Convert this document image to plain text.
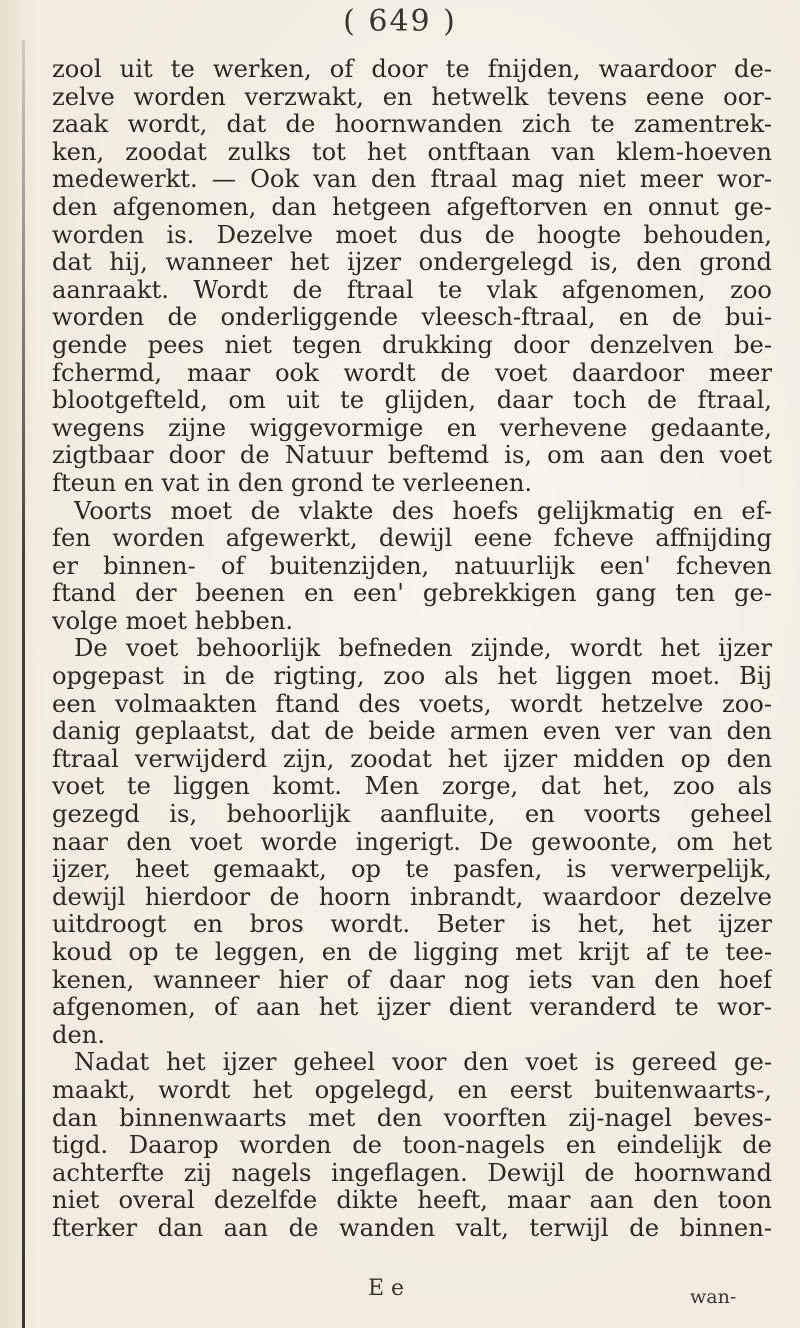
( 649 )
zool uit te werken, of door te fnijden, waardoor de-
zelve worden verzwakt, en hetwelk tevens eene oor-
zaak wordt, dat de hoornwanden zich te zamentrek-
ken, zoodat zulks tot het ontftaan van klem-hoeven
medewerkt. — Ook van den ftraal mag niet meer wor-
den afgenomen, dan hetgeen afgeftorven en onnut ge-
worden is. Dezelve moet dus de hoogte behouden,
dat hij, wanneer het ijzer ondergelegd is, den grond
aanraakt. Wordt de ftraal te vlak afgenomen, zoo
worden de onderliggende vleesch-ftraal, en de bui-
gende pees niet tegen drukking door denzelven be-
fchermd, maar ook wordt de voet daardoor meer
blootgefteld, om uit te glijden, daar toch de ftraal,
wegens zijne wiggevormige en verhevene gedaante,
zigtbaar door de Natuur beftemd is, om aan den voet
fteun en vat in den grond te verleenen.
Voorts moet de vlakte des hoefs gelijkmatig en ef-
fen worden afgewerkt, dewijl eene fcheve affnijding
er binnen- of buitenzijden, natuurlijk een' fcheven
ftand der beenen en een' gebrekkigen gang ten ge-
volge moet hebben.
De voet behoorlijk befneden zijnde, wordt het ijzer
opgepast in de rigting, zoo als het liggen moet. Bij
een volmaakten ftand des voets, wordt hetzelve zoo-
danig geplaatst, dat de beide armen even ver van den
ftraal verwijderd zijn, zoodat het ijzer midden op den
voet te liggen komt. Men zorge, dat het, zoo als
gezegd is, behoorlijk aanfluite, en voorts geheel
naar den voet worde ingerigt. De gewoonte, om het
ijzer, heet gemaakt, op te pasfen, is verwerpelijk,
dewijl hierdoor de hoorn inbrandt, waardoor dezelve
uitdroogt en bros wordt. Beter is het, het ijzer
koud op te leggen, en de ligging met krijt af te tee-
kenen, wanneer hier of daar nog iets van den hoef
afgenomen, of aan het ijzer dient veranderd te wor-
den.
Nadat het ijzer geheel voor den voet is gereed ge-
maakt, wordt het opgelegd, en eerst buitenwaarts-,
dan binnenwaarts met den voorften zij-nagel beves-
tigd. Daarop worden de toon-nagels en eindelijk de
achterfte zij nagels ingeflagen. Dewijl de hoornwand
niet overal dezelfde dikte heeft, maar aan den toon
fterker dan aan de wanden valt, terwijl de binnen-
E e	wan-
